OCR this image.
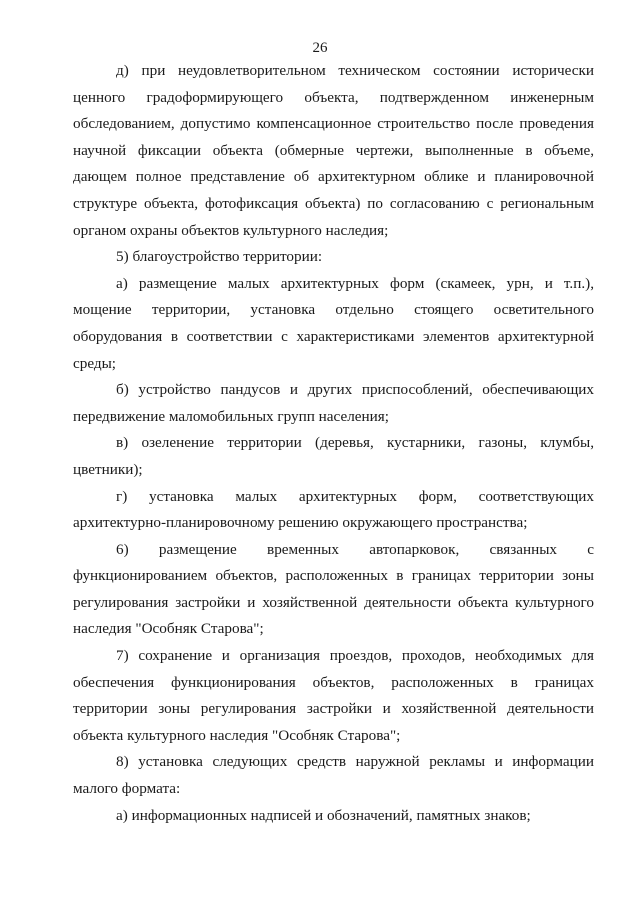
26

д) при неудовлетворительном техническом состоянии исторически ценного градоформирующего объекта, подтвержденном инженерным обследованием, допустимо компенсационное строительство после проведения научной фиксации объекта (обмерные чертежи, выполненные в объеме, дающем полное представление об архитектурном облике и планировочной структуре объекта, фотофиксация объекта) по согласованию с региональным органом охраны объектов культурного наследия;

5) благоустройство территории:

а) размещение малых архитектурных форм (скамеек, урн, и т.п.), мощение территории, установка отдельно стоящего осветительного оборудования в соответствии с характеристиками элементов архитектурной среды;

б) устройство пандусов и других приспособлений, обеспечивающих передвижение маломобильных групп населения;

в) озеленение территории (деревья, кустарники, газоны, клумбы, цветники);

г) установка малых архитектурных форм, соответствующих архитектурно-планировочному решению окружающего пространства;

6) размещение временных автопарковок, связанных с функционированием объектов, расположенных в границах территории зоны регулирования застройки и хозяйственной деятельности объекта культурного наследия "Особняк Старова";

7) сохранение и организация проездов, проходов, необходимых для обеспечения функционирования объектов, расположенных в границах территории зоны регулирования застройки и хозяйственной деятельности объекта культурного наследия "Особняк Старова";

8) установка следующих средств наружной рекламы и информации малого формата:

а) информационных надписей и обозначений, памятных знаков;
